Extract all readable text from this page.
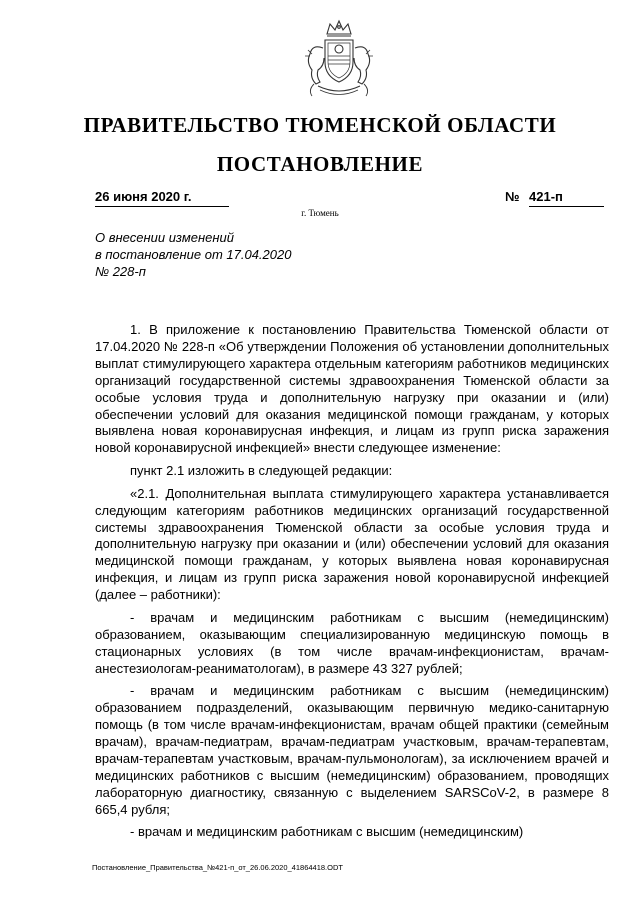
ПРАВИТЕЛЬСТВО ТЮМЕНСКОЙ ОБЛАСТИ
ПОСТАНОВЛЕНИЕ
26 июня 2020 г.	№ 421-п
г. Тюмень
О внесении изменений
в постановление от 17.04.2020
№ 228-п

1. В приложение к постановлению Правительства Тюменской области от 17.04.2020 № 228-п «Об утверждении Положения об установлении дополнительных выплат стимулирующего характера отдельным категориям работников медицинских организаций государственной системы здравоохранения Тюменской области за особые условия труда и дополнительную нагрузку при оказании и (или) обеспечении условий для оказания медицинской помощи гражданам, у которых выявлена новая коронавирусная инфекция, и лицам из групп риска заражения новой коронавирусной инфекцией» внести следующее изменение:

пункт 2.1 изложить в следующей редакции:

«2.1. Дополнительная выплата стимулирующего характера устанавливается следующим категориям работников медицинских организаций государственной системы здравоохранения Тюменской области за особые условия труда и дополнительную нагрузку при оказании и (или) обеспечении условий для оказания медицинской помощи гражданам, у которых выявлена новая коронавирусная инфекция, и лицам из групп риска заражения новой коронавирусной инфекцией (далее – работники):

- врачам и медицинским работникам с высшим (немедицинским) образованием, оказывающим специализированную медицинскую помощь в стационарных условиях (в том числе врачам-инфекционистам, врачам-анестезиологам-реаниматологам), в размере 43 327 рублей;

- врачам и медицинским работникам с высшим (немедицинским) образованием подразделений, оказывающим первичную медико-санитарную помощь (в том числе врачам-инфекционистам, врачам общей практики (семейным врачам), врачам-педиатрам, врачам-педиатрам участковым, врачам-терапевтам, врачам-терапевтам участковым, врачам-пульмонологам), за исключением врачей и медицинских работников с высшим (немедицинским) образованием, проводящих лабораторную диагностику, связанную с выделением SARSCoV-2, в размере 8 665,4 рубля;

- врачам и медицинским работникам с высшим (немедицинским)

Постановление_Правительства_№421-п_от_26.06.2020_41864418.ODT
